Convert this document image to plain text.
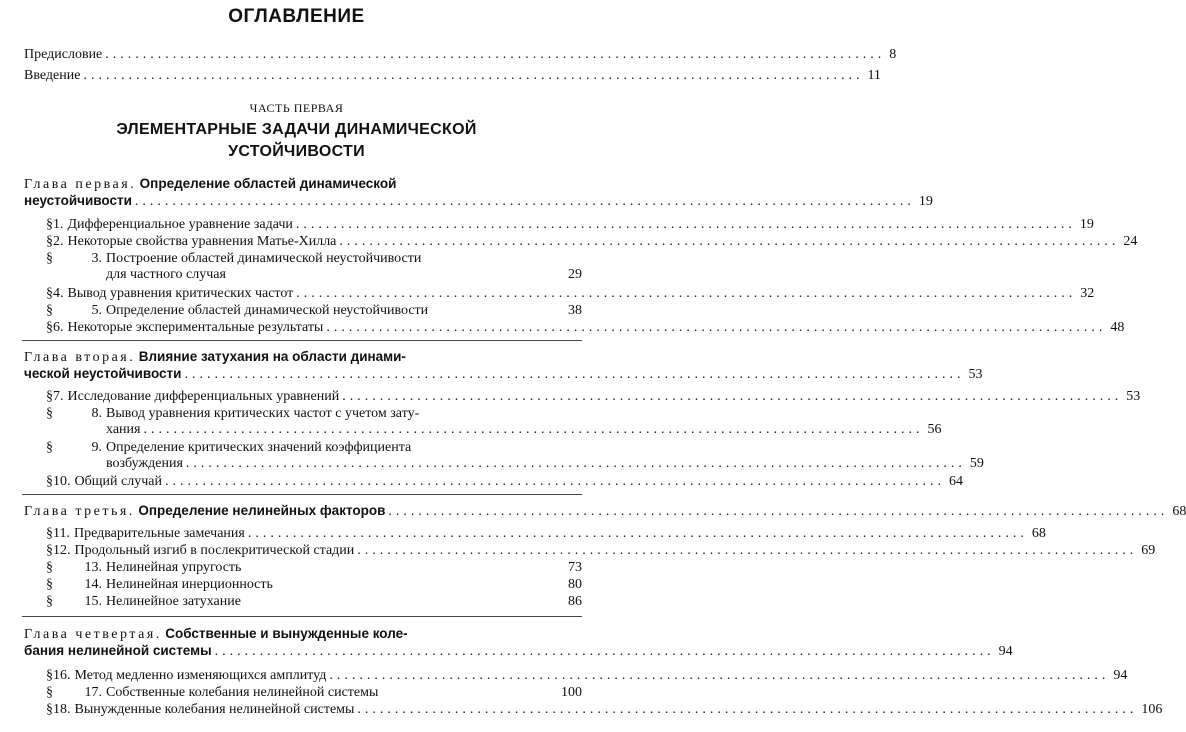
ОГЛАВЛЕНИЕ
Предисловие ........................................................................................................ 8
Введение ........................................................................................................ 11
ЧАСТЬ ПЕРВАЯ
ЭЛЕМЕНТАРНЫЕ ЗАДАЧИ ДИНАМИЧЕСКОЙ
УСТОЙЧИВОСТИ
Глава первая. Определение областей динамической
неустойчивости ........................................................................................................ 19
§ 1. Дифференциальное уравнение задачи ........................................................................................................ 19
§ 2. Некоторые свойства уравнения Матье-Хилла ........................................................................................................ 24
§	3. Построение областей динамической неустойчивости
для частного случая	29
§ 4. Вывод уравнения критических частот ........................................................................................................ 32
§	5. Определение областей динамической неустойчивости	38
§ 6. Некоторые экспериментальные результаты ........................................................................................................ 48
Глава вторая. Влияние затухания на области динами-
ческой неустойчивости ........................................................................................................ 53
§ 7. Исследование дифференциальных уравнений ........................................................................................................ 53
§	8. Вывод уравнения критических частот с учетом зату-
хания ........................................................................................................ 56
§	9. Определение критических значений коэффициента
возбуждения ........................................................................................................ 59
§ 10. Общий случай ........................................................................................................ 64
Глава третья. Определение нелинейных факторов ........................................................................................................ 68
§ 11. Предварительные замечания ........................................................................................................ 68
§ 12. Продольный изгиб в послекритической стадии ........................................................................................................ 69
§	13. Нелинейная упругость	73
§	14. Нелинейная инерционность	80
§	15. Нелинейное затухание	86
Глава четвертая. Собственные и вынужденные коле-
бания нелинейной системы ........................................................................................................ 94
§ 16. Метод медленно изменяющихся амплитуд ........................................................................................................ 94
§	17. Собственные колебания нелинейной системы	100
§ 18. Вынужденные колебания нелинейной системы ........................................................................................................ 106
